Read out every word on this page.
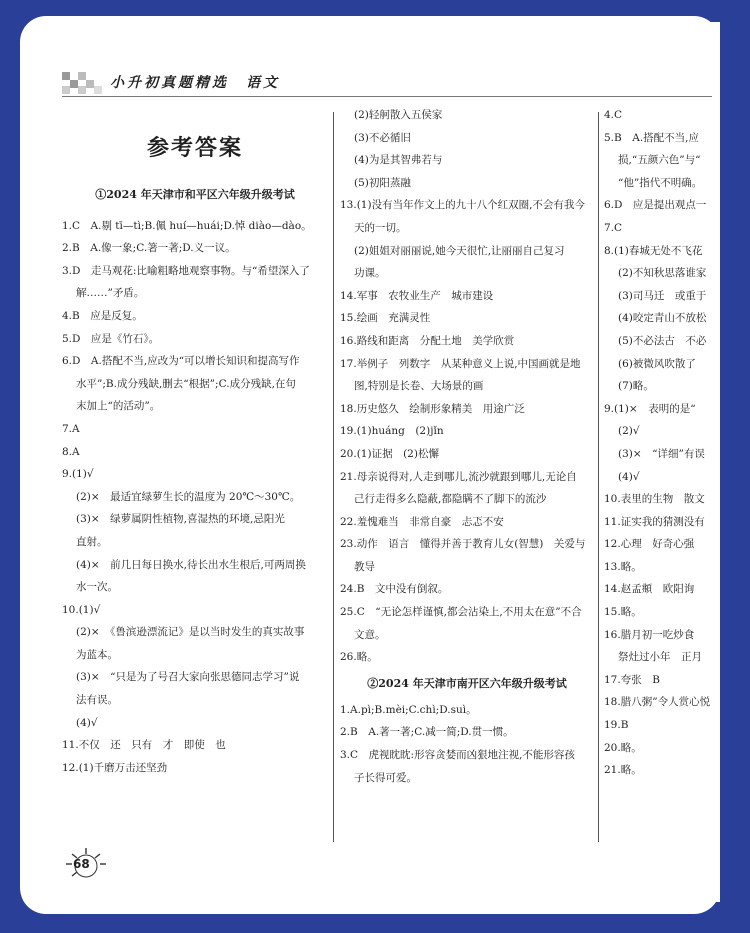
小升初真题精选　语文
参考答案
①2024 年天津市和平区六年级升级考试
1.C　A.剔 tī—tì;B.佩 huí—huái;D.悼 diào—dào。
2.B　A.像一象;C.箸一著;D.义一议。
3.D　走马观花:比喻粗略地观察事物。与“希望深入了
解……”矛盾。
4.B　应是反复。
5.D　应是《竹石》。
6.D　A.搭配不当,应改为“可以增长知识和提高写作
水平”;B.成分残缺,删去“根据”;C.成分残缺,在句
末加上“的活动”。
7.A
8.A
9.(1)√
(2)×　最适宜绿萝生长的温度为 20℃～30℃。
(3)×　绿萝属阴性植物,喜湿热的环境,忌阳光
直射。
(4)×　前几日每日换水,待长出水生根后,可两周换
水一次。
10.(1)√
(2)×　《鲁滨逊漂流记》是以当时发生的真实故事
为蓝本。
(3)×　“只是为了号召大家向张思德同志学习”说
法有误。
(4)√
11.不仅　还　只有　才　即使　也
12.(1)千磨万击还坚劲
(2)轻舸散入五侯家
(3)不必循旧
(4)为是其智弗若与
(5)初阳蒸融
13.(1)没有当年作文上的九十八个红双圈,不会有我今
天的一切。
(2)姐姐对丽丽说,她今天很忙,让丽丽自己复习
功课。
14.军事　农牧业生产　城市建设
15.绘画　充满灵性
16.路线和距离　分配土地　美学欣赏
17.举例子　列数字　从某种意义上说,中国画就是地
图,特别是长卷、大场景的画
18.历史悠久　绘制形象精美　用途广泛
19.(1)huáng　(2)jǐn
20.(1)证据　(2)松懈
21.母亲说得对,人走到哪儿,流沙就跟到哪儿,无论自
己行走得多么隐蔽,都隐瞒不了脚下的流沙
22.羞愧难当　非常自豪　忐忑不安
23.动作　语言　懂得并善于教育儿女(智慧)　关爱与
教导
24.B　文中没有倒叙。
25.C　“无论怎样谨慎,都会沾染上,不用太在意”不合
文意。
26.略。
②2024 年天津市南开区六年级升级考试
1.A.pì;B.mèi;C.chì;D.suì。
2.B　A.著一著;C.减一简;D.贯一惯。
3.C　虎视眈眈:形容贪婪而凶狠地注视,不能形容孩
子长得可爱。
4.C
5.B　A.搭配不当,应
损,“五颜六色”与“
“他”指代不明确。
6.D　应是提出观点一
7.C
8.(1)春城无处不飞花
(2)不知秋思落谁家
(3)司马迁　或重于
(4)咬定青山不放松
(5)不必法古　不必
(6)被微风吹散了
(7)略。
9.(1)×　表明的是“
(2)√
(3)×　“详细”有误
(4)√
10.表里的生物　散文
11.证实我的猜测没有
12.心理　好奇心强
13.略。
14.赵孟頫　欧阳询　
15.略。
16.腊月初一吃炒食
祭灶过小年　正月
17.夸张　B
18.腊八粥”令人赏心悦
19.B
20.略。
21.略。
68
